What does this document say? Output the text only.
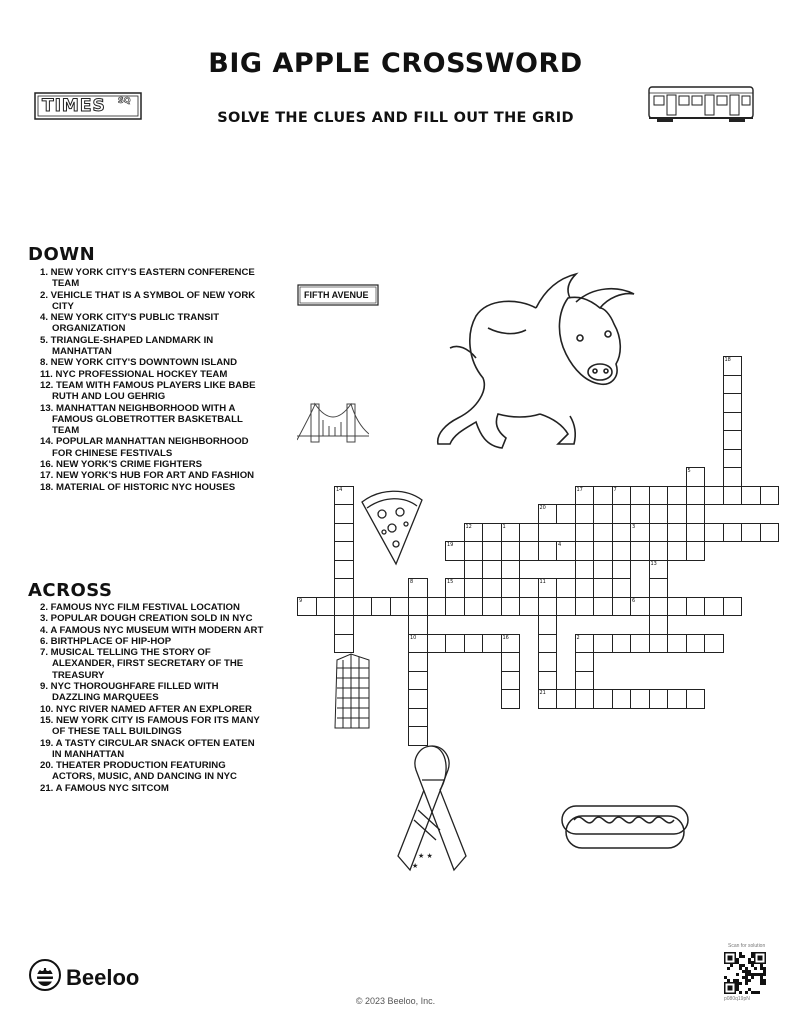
BIG APPLE CROSSWORD
SOLVE THE CLUES AND FILL OUT THE GRID
TIMES SQ
DOWN
1. NEW YORK CITY'S EASTERN CONFERENCE TEAM
2. VEHICLE THAT IS A SYMBOL OF NEW YORK CITY
4. NEW YORK CITY'S PUBLIC TRANSIT ORGANIZATION
5. TRIANGLE-SHAPED LANDMARK IN MANHATTAN
8. NEW YORK CITY'S DOWNTOWN ISLAND
11. NYC PROFESSIONAL HOCKEY TEAM
12. TEAM WITH FAMOUS PLAYERS LIKE BABE RUTH AND LOU GEHRIG
13. MANHATTAN NEIGHBORHOOD WITH A FAMOUS GLOBETROTTER BASKETBALL TEAM
14. POPULAR MANHATTAN NEIGHBORHOOD FOR CHINESE FESTIVALS
16. NEW YORK'S CRIME FIGHTERS
17. NEW YORK'S HUB FOR ART AND FASHION
18. MATERIAL OF HISTORIC NYC HOUSES
ACROSS
2. FAMOUS NYC FILM FESTIVAL LOCATION
3. POPULAR DOUGH CREATION SOLD IN NYC
4. A FAMOUS NYC MUSEUM WITH MODERN ART
6. BIRTHPLACE OF HIP-HOP
7. MUSICAL TELLING THE STORY OF ALEXANDER, FIRST SECRETARY OF THE TREASURY
9. NYC THOROUGHFARE FILLED WITH DAZZLING MARQUEES
10. NYC RIVER NAMED AFTER AN EXPLORER
15. NEW YORK CITY IS FAMOUS FOR ITS MANY OF THESE TALL BUILDINGS
19. A TASTY CIRCULAR SNACK OFTEN EATEN IN MANHATTAN
20. THEATER PRODUCTION FEATURING ACTORS, MUSIC, AND DANCING IN NYC
21. A FAMOUS NYC SITCOM
FIFTH AVENUE
★ ★
★
18
5
17	7
20
14
12	1	3
19	4
13
15
8
10
11
21
6
9
16	2
Beeloo
© 2023 Beeloo, Inc.
Scan for solution
p080q19pN
